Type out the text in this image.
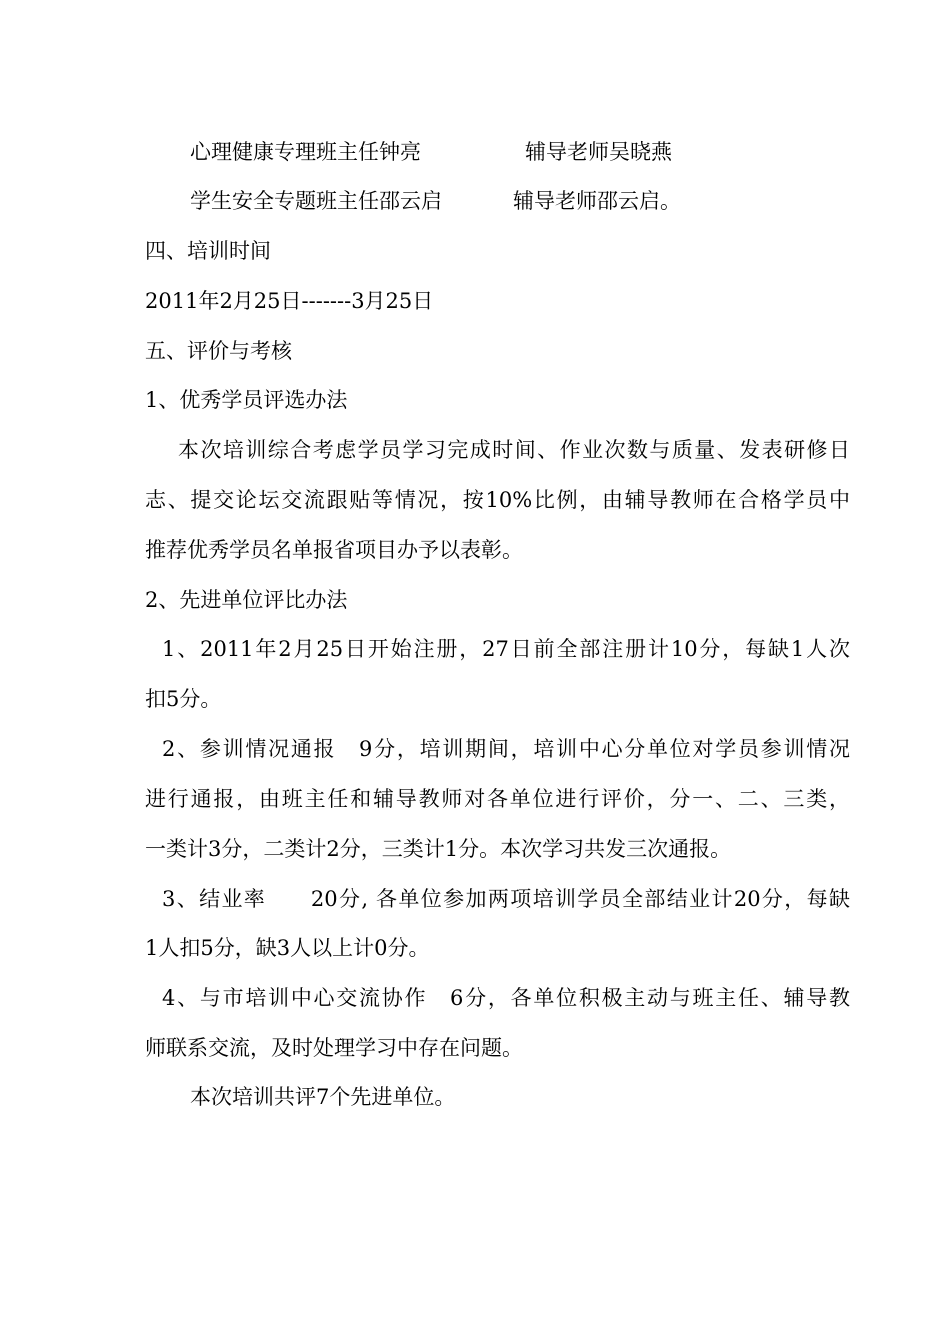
心理健康专理班主任钟亮	辅导老师吴晓燕
学生安全专题班主任邵云启	辅导老师邵云启。
四、培训时间
2011年2月25日-------3月25日
五、评价与考核
1、优秀学员评选办法
本次培训综合考虑学员学习完成时间、作业次数与质量、发表研修日
志、提交论坛交流跟贴等情况，按10%比例，由辅导教师在合格学员中
推荐优秀学员名单报省项目办予以表彰。
2、先进单位评比办法
1、2011年2月25日开始注册，27日前全部注册计10分，每缺1人次
扣5分。
2、参训情况通报　9分，培训期间，培训中心分单位对学员参训情况
进行通报，由班主任和辅导教师对各单位进行评价，分一、二、三类，
一类计3分，二类计2分，三类计1分。本次学习共发三次通报。
3、结业率　　20分, 各单位参加两项培训学员全部结业计20分，每缺
1人扣5分，缺3人以上计0分。
4、与市培训中心交流协作　6分，各单位积极主动与班主任、辅导教
师联系交流，及时处理学习中存在问题。
本次培训共评7个先进单位。
